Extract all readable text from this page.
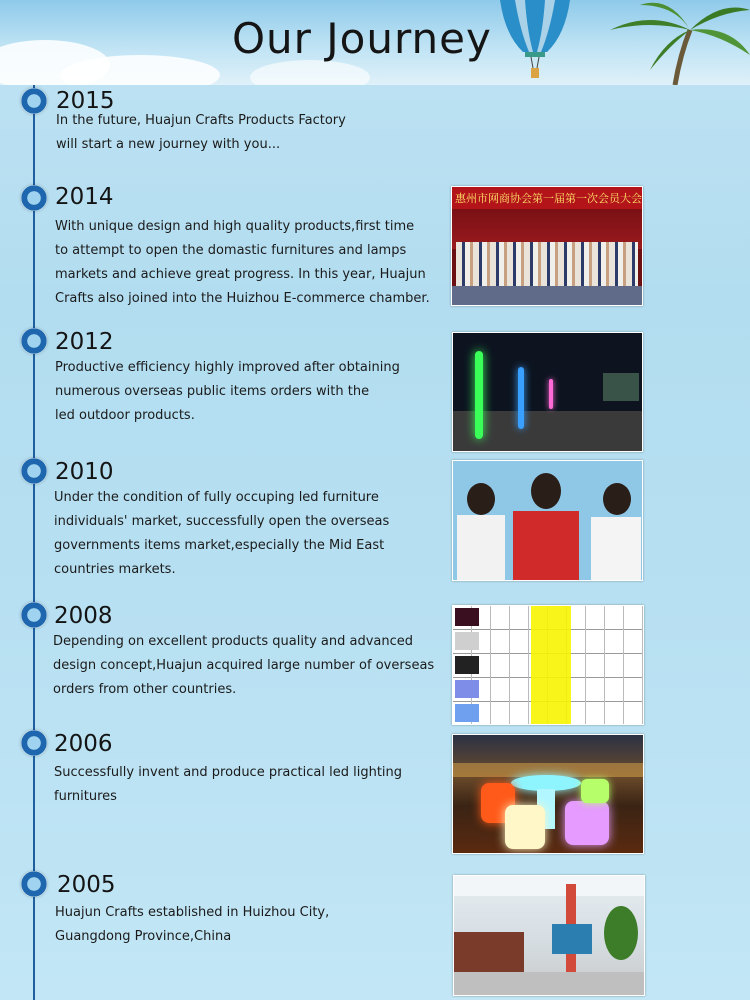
Our Journey
2015
In the future, Huajun Crafts Products Factory
will start a new journey with you...
2014
With unique design and high quality products,first time
to attempt to open the domastic furnitures and lamps
markets and achieve great progress. In this year, Huajun
Crafts also joined into the Huizhou E-commerce chamber.
惠州市网商协会第一届第一次会员大会
2012
Productive efficiency highly improved after obtaining
numerous overseas public items orders with the
led outdoor products.
2010
Under the condition of fully occuping led furniture
individuals' market, successfully open the overseas
governments items market,especially the Mid East
countries markets.
2008
Depending on excellent products quality and advanced
design concept,Huajun acquired large number of overseas
orders from other countries.
2006
Successfully invent and produce practical led lighting
furnitures
2005
Huajun Crafts established in Huizhou City,
Guangdong Province,China
